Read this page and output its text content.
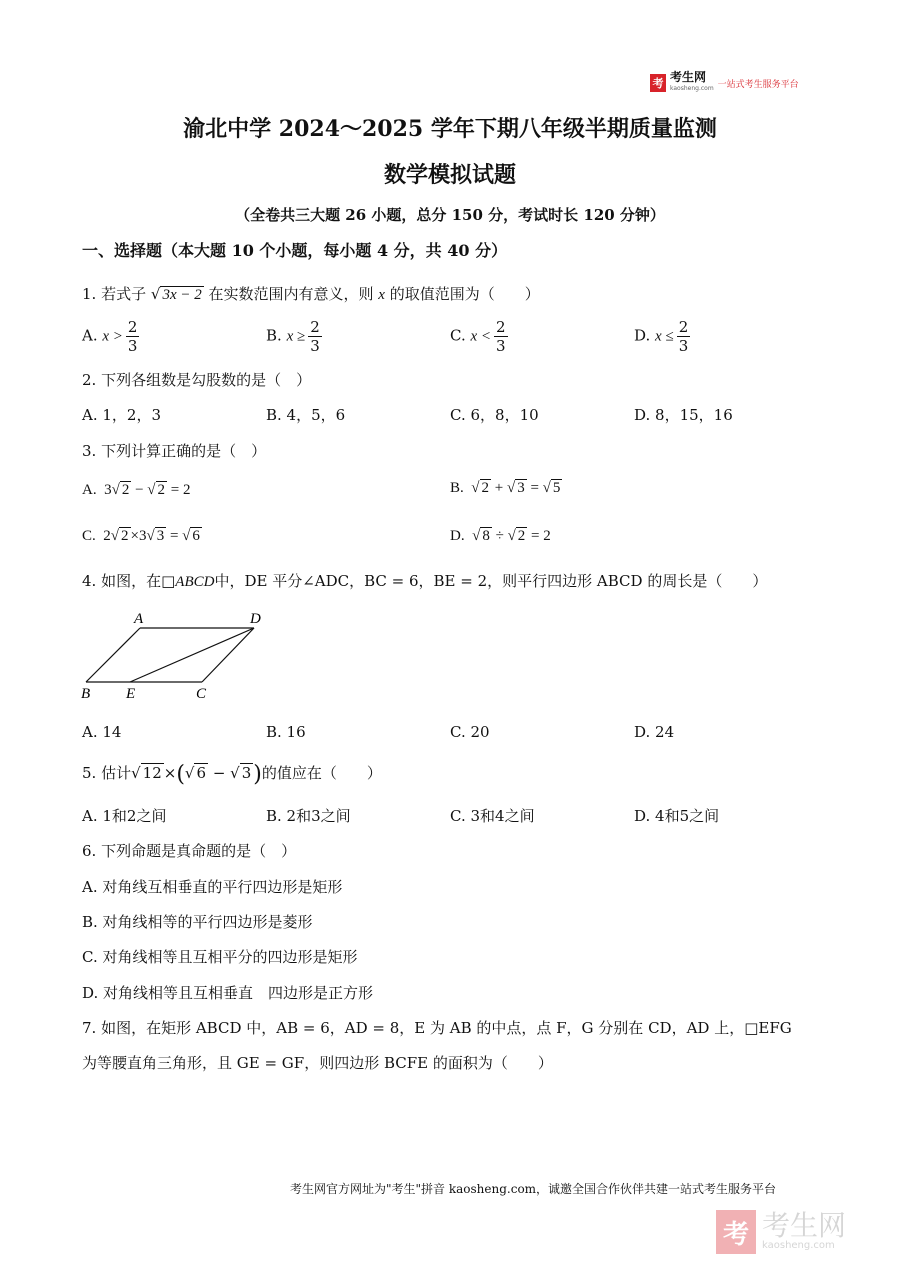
考 考生网
kaosheng.com 一站式考生服务平台
渝北中学 2024～2025 学年下期八年级半期质量监测
数学模拟试题
（全卷共三大题 26 小题，总分 150 分，考试时长 120 分钟）
一、选择题（本大题 10 个小题，每小题 4 分，共 40 分）
1. 若式子 √ 3x − 2 在实数范围内有意义，则 x 的取值范围为（　　）
A. $x > \frac{2}{3}$	B. $x \ge \frac{2}{3}$	C. $x < \frac{2}{3}$	D. $x \le \frac{2}{3}$
2. 下列各组数是勾股数的是（　）
A. 1，2，3	B. 4，5，6	C. 6，8，10	D. 8，15，16
3. 下列计算正确的是（　）
A. 3√ 2 − √ 2 = 2	B. √ 2 + √ 3 = √ 5
C. 2√ 2 ×3√ 3 = √ 6	D. √ 8 ÷ √ 2 = 2
4. 如图，在□ABCD中，DE 平分∠ADC，BC = 6，BE = 2，则平行四边形 ABCD 的周长是（　　）
A	D
B E	C
A. 14	B. 16	C. 20	D. 24
5. 估计√ 12 ×(√ 6 − √ 3)的值应在（　　）
A. 1和2之间	B. 2和3之间	C. 3和4之间	D. 4和5之间
6. 下列命题是真命题的是（　）
A. 对角线互相垂直的平行四边形是矩形
B. 对角线相等的平行四边形是菱形
C. 对角线相等且互相平分的四边形是矩形
D. 对角线相等且互相垂直　四边形是正方形
7. 如图，在矩形 ABCD 中，AB = 6，AD = 8，E 为 AB 的中点，点 F，G 分别在 CD，AD 上，□EFG
为等腰直角三角形，且 GE = GF，则四边形 BCFE 的面积为（　　）
考生网官方网址为"考生"拼音 kaosheng.com，诚邀全国合作伙伴共建一站式考生服务平台
考 考生网
kaosheng.com
